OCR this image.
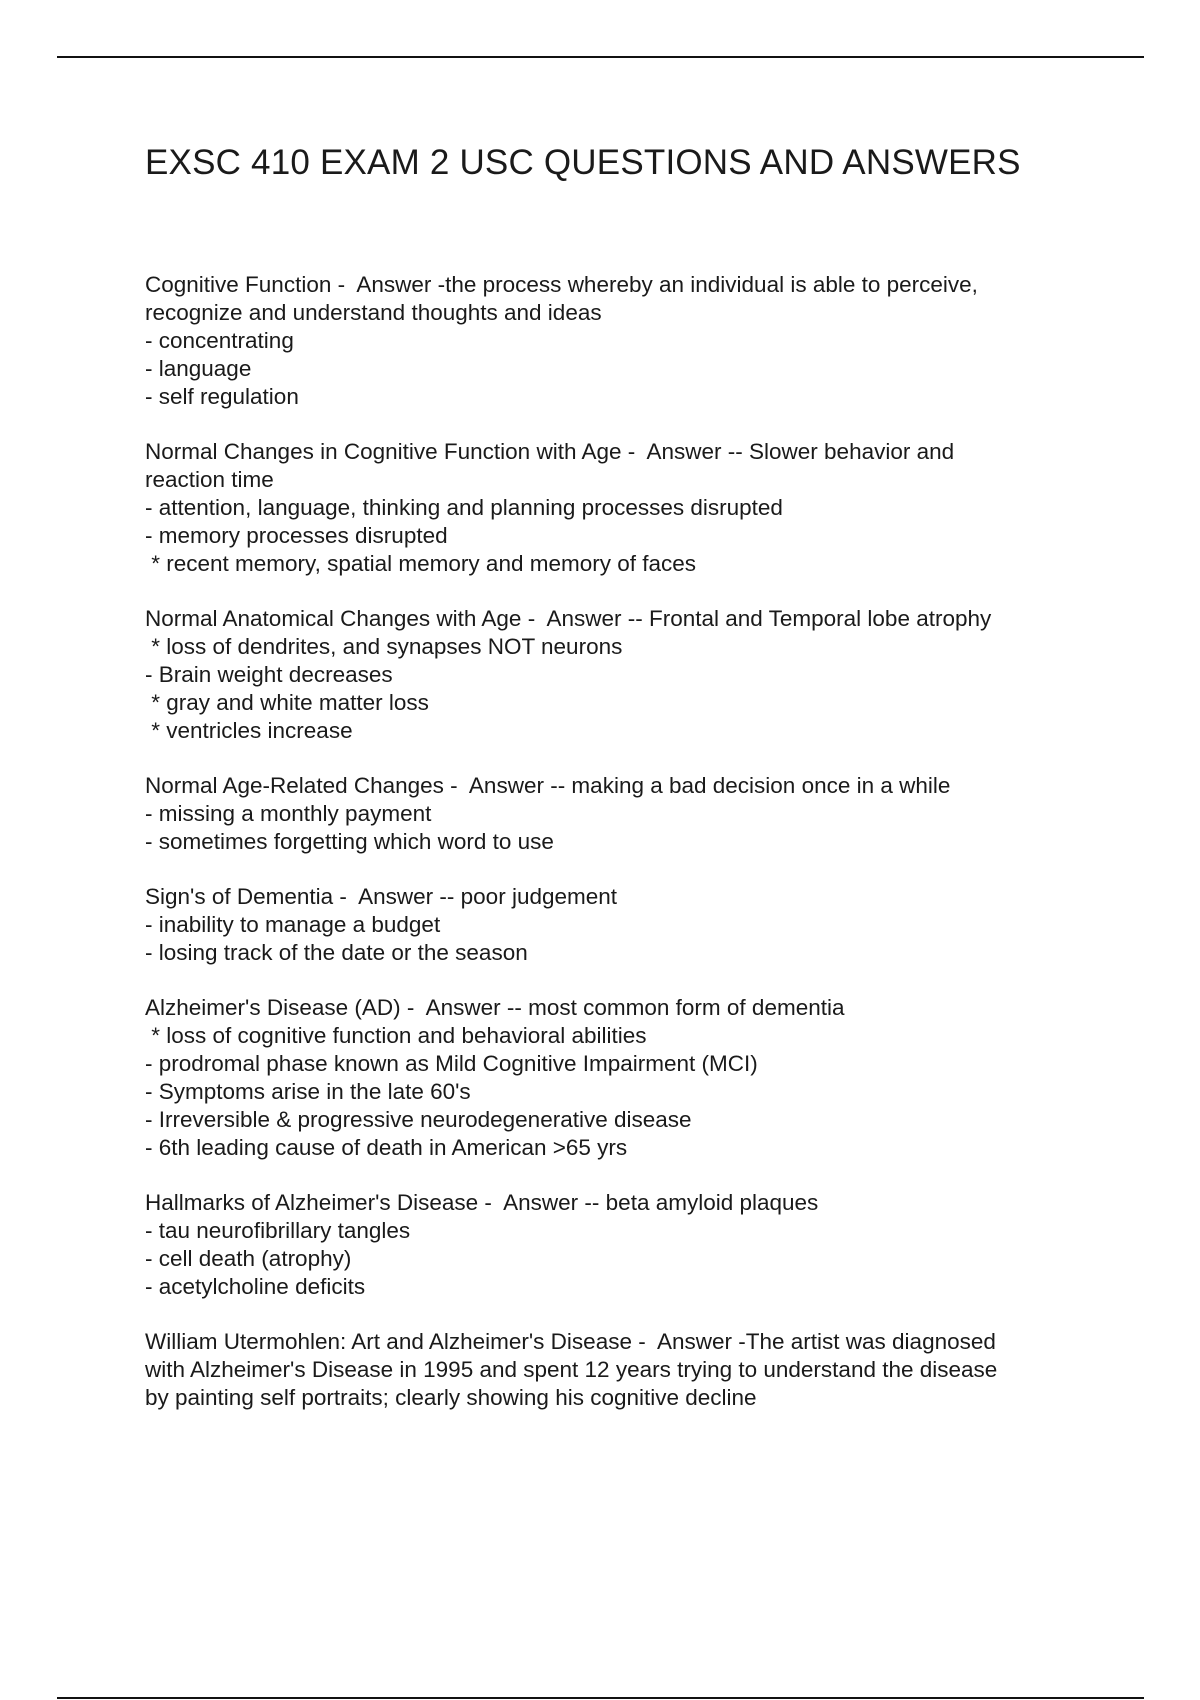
EXSC 410 EXAM 2 USC QUESTIONS AND ANSWERS
Cognitive Function -  Answer -the process whereby an individual is able to perceive,
recognize and understand thoughts and ideas
- concentrating
- language
- self regulation
Normal Changes in Cognitive Function with Age -  Answer -- Slower behavior and
reaction time
- attention, language, thinking and planning processes disrupted
- memory processes disrupted
* recent memory, spatial memory and memory of faces
Normal Anatomical Changes with Age -  Answer -- Frontal and Temporal lobe atrophy
* loss of dendrites, and synapses NOT neurons
- Brain weight decreases
* gray and white matter loss
* ventricles increase
Normal Age-Related Changes -  Answer -- making a bad decision once in a while
- missing a monthly payment
- sometimes forgetting which word to use
Sign's of Dementia -  Answer -- poor judgement
- inability to manage a budget
- losing track of the date or the season
Alzheimer's Disease (AD) -  Answer -- most common form of dementia
* loss of cognitive function and behavioral abilities
- prodromal phase known as Mild Cognitive Impairment (MCI)
- Symptoms arise in the late 60's
- Irreversible & progressive neurodegenerative disease
- 6th leading cause of death in American >65 yrs
Hallmarks of Alzheimer's Disease -  Answer -- beta amyloid plaques
- tau neurofibrillary tangles
- cell death (atrophy)
- acetylcholine deficits
William Utermohlen: Art and Alzheimer's Disease -  Answer -The artist was diagnosed
with Alzheimer's Disease in 1995 and spent 12 years trying to understand the disease
by painting self portraits; clearly showing his cognitive decline
